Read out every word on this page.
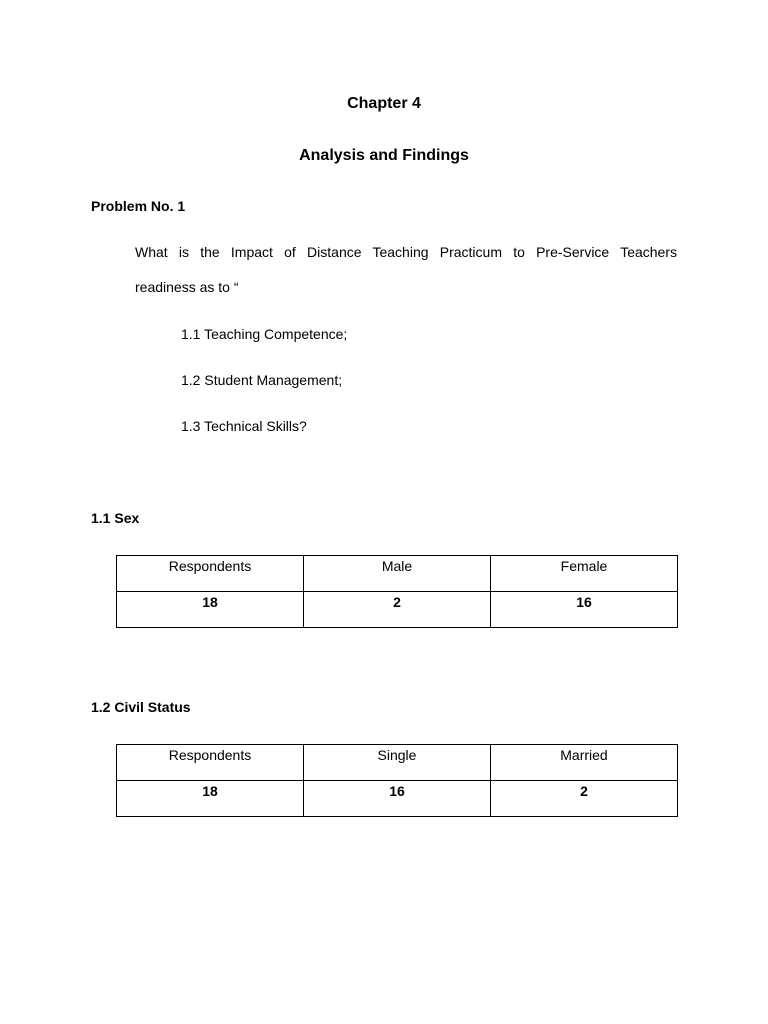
Chapter 4
Analysis and Findings
Problem No. 1
What is the Impact of Distance Teaching Practicum to Pre-Service Teachers
readiness as to “
1.1 Teaching Competence;
1.2 Student Management;
1.3 Technical Skills?
1.1 Sex
Respondents	Male	Female

18	2	16
1.2 Civil Status
Respondents	Single	Married

18	16	2
